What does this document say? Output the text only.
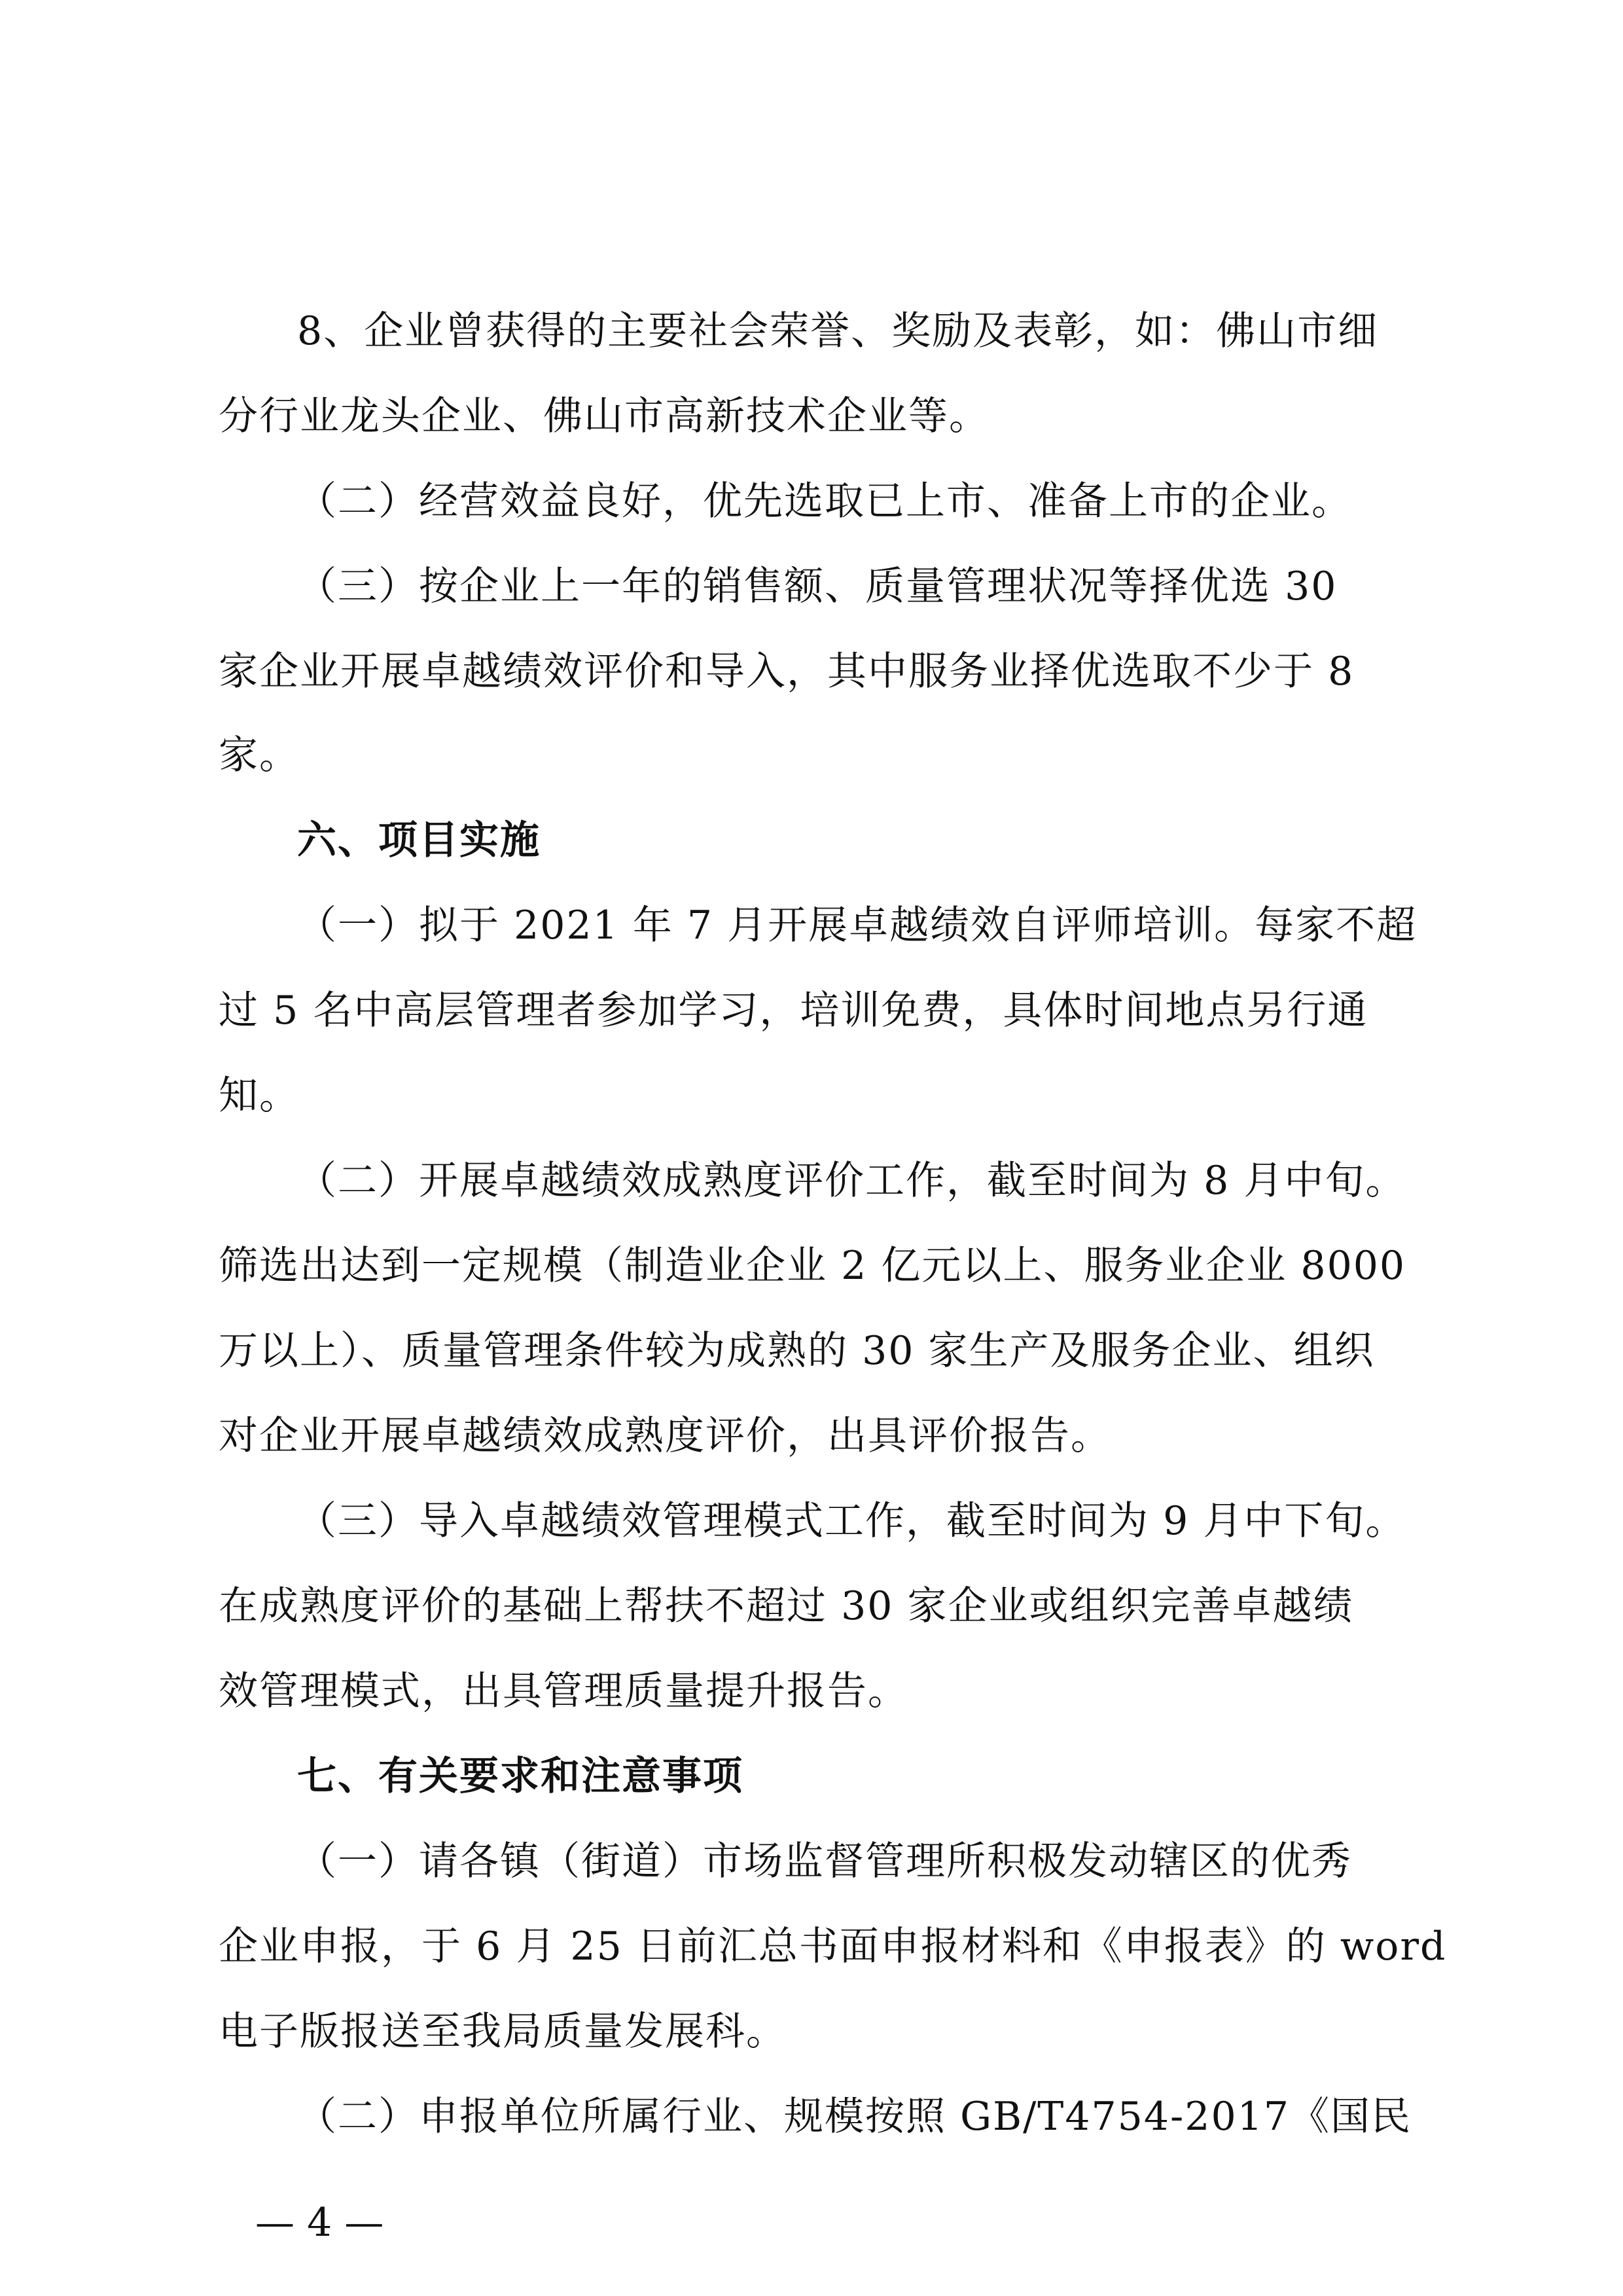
8、企业曾获得的主要社会荣誉、奖励及表彰，如：佛山市细
分行业龙头企业、佛山市高新技术企业等。
（二）经营效益良好，优先选取已上市、准备上市的企业。
（三）按企业上一年的销售额、质量管理状况等择优选 30
家企业开展卓越绩效评价和导入，其中服务业择优选取不少于 8
家。
六、项目实施
（一）拟于 2021 年 7 月开展卓越绩效自评师培训。每家不超
过 5 名中高层管理者参加学习，培训免费，具体时间地点另行通
知。
（二）开展卓越绩效成熟度评价工作，截至时间为 8 月中旬。
筛选出达到一定规模（制造业企业 2 亿元以上、服务业企业 8000
万以上）、质量管理条件较为成熟的 30 家生产及服务企业、组织
对企业开展卓越绩效成熟度评价，出具评价报告。
（三）导入卓越绩效管理模式工作，截至时间为 9 月中下旬。
在成熟度评价的基础上帮扶不超过 30 家企业或组织完善卓越绩
效管理模式，出具管理质量提升报告。
七、有关要求和注意事项
（一）请各镇（街道）市场监督管理所积极发动辖区的优秀
企业申报，于 6 月 25 日前汇总书面申报材料和《申报表》的 word
电子版报送至我局质量发展科。
（二）申报单位所属行业、规模按照 GB/T4754-2017《国民
— 4 —
